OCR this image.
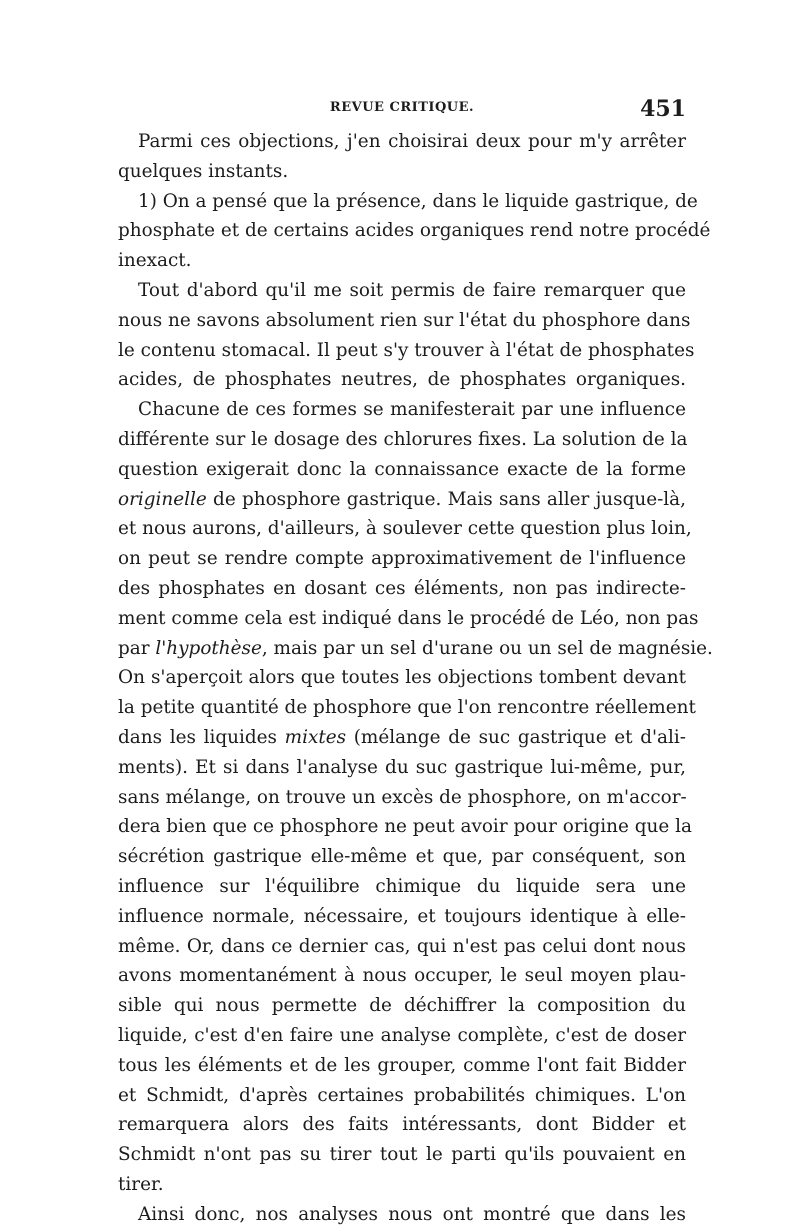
REVUE CRITIQUE.	451
Parmi ces objections, j'en choisirai deux pour m'y arrêter
quelques instants.
1) On a pensé que la présence, dans le liquide gastrique, de
phosphate et de certains acides organiques rend notre procédé
inexact.
Tout d'abord qu'il me soit permis de faire remarquer que
nous ne savons absolument rien sur l'état du phosphore dans
le contenu stomacal. Il peut s'y trouver à l'état de phosphates
acides, de phosphates neutres, de phosphates organiques.
Chacune de ces formes se manifesterait par une influence
différente sur le dosage des chlorures fixes. La solution de la
question exigerait donc la connaissance exacte de la forme
originelle de phosphore gastrique. Mais sans aller jusque-là,
et nous aurons, d'ailleurs, à soulever cette question plus loin,
on peut se rendre compte approximativement de l'influence
des phosphates en dosant ces éléments, non pas indirecte-
ment comme cela est indiqué dans le procédé de Léo, non pas
par l'hypothèse, mais par un sel d'urane ou un sel de magnésie.
On s'aperçoit alors que toutes les objections tombent devant
la petite quantité de phosphore que l'on rencontre réellement
dans les liquides mixtes (mélange de suc gastrique et d'ali-
ments). Et si dans l'analyse du suc gastrique lui-même, pur,
sans mélange, on trouve un excès de phosphore, on m'accor-
dera bien que ce phosphore ne peut avoir pour origine que la
sécrétion gastrique elle-même et que, par conséquent, son
influence sur l'équilibre chimique du liquide sera une
influence normale, nécessaire, et toujours identique à elle-
même. Or, dans ce dernier cas, qui n'est pas celui dont nous
avons momentanément à nous occuper, le seul moyen plau-
sible qui nous permette de déchiffrer la composition du
liquide, c'est d'en faire une analyse complète, c'est de doser
tous les éléments et de les grouper, comme l'ont fait Bidder
et Schmidt, d'après certaines probabilités chimiques. L'on
remarquera alors des faits intéressants, dont Bidder et
Schmidt n'ont pas su tirer tout le parti qu'ils pouvaient en
tirer.
Ainsi donc, nos analyses nous ont montré que dans les
